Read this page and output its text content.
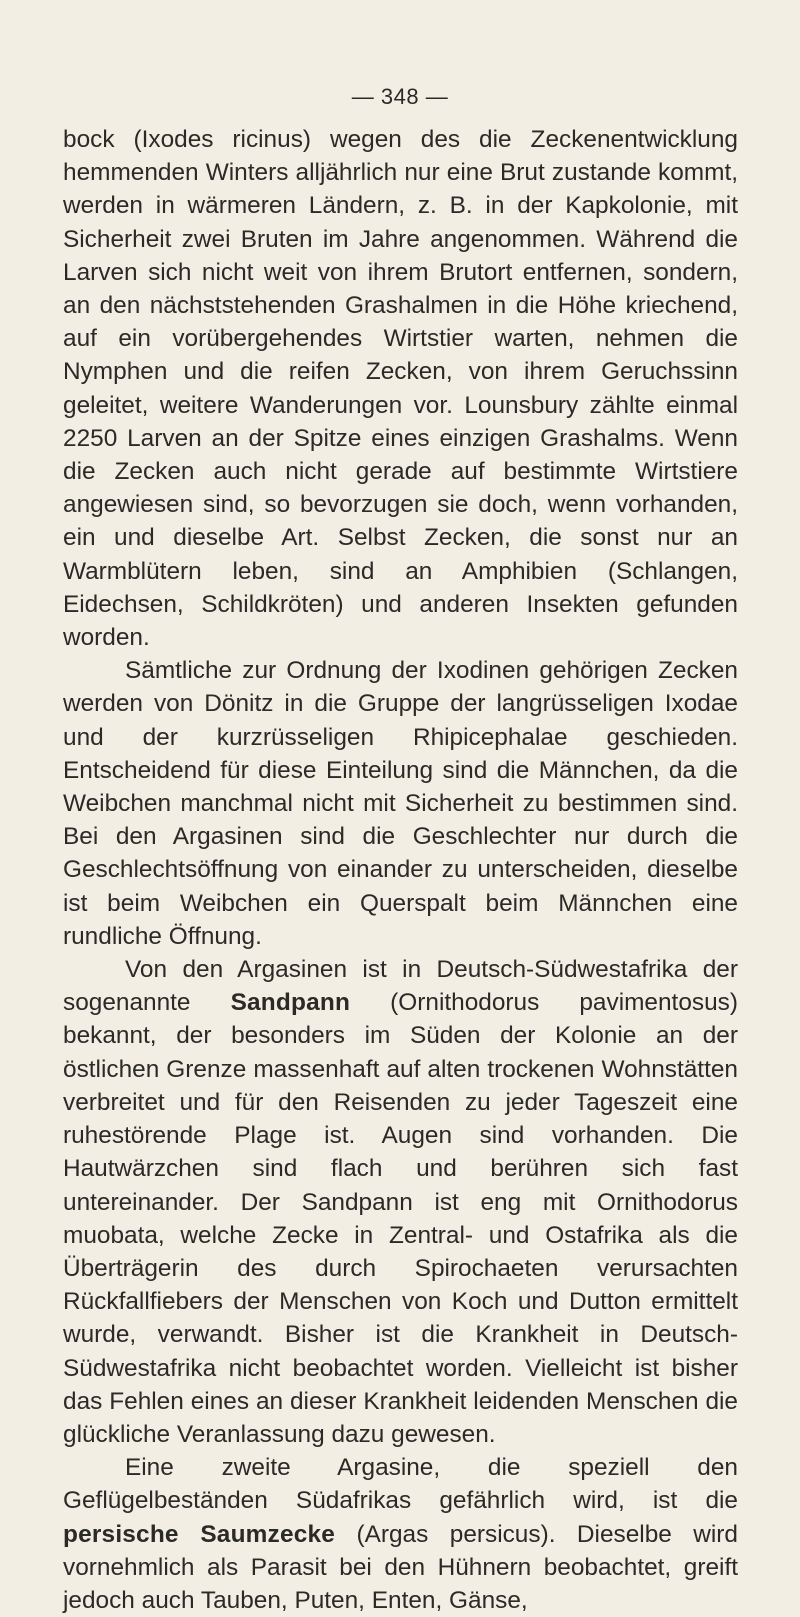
— 348 —

bock (Ixodes ricinus) wegen des die Zeckenentwicklung hemmenden Winters alljährlich nur eine Brut zustande kommt, werden in wärmeren Ländern, z. B. in der Kapkolonie, mit Sicherheit zwei Bruten im Jahre angenommen. Während die Larven sich nicht weit von ihrem Brutort entfernen, sondern, an den nächststehenden Grashalmen in die Höhe kriechend, auf ein vorübergehendes Wirtstier warten, nehmen die Nymphen und die reifen Zecken, von ihrem Geruchssinn geleitet, weitere Wanderungen vor. Lounsbury zählte einmal 2250 Larven an der Spitze eines einzigen Grashalms. Wenn die Zecken auch nicht gerade auf bestimmte Wirtstiere angewiesen sind, so bevorzugen sie doch, wenn vorhanden, ein und dieselbe Art. Selbst Zecken, die sonst nur an Warmblütern leben, sind an Amphibien (Schlangen, Eidechsen, Schildkröten) und anderen Insekten gefunden worden.

Sämtliche zur Ordnung der Ixodinen gehörigen Zecken werden von Dönitz in die Gruppe der langrüsseligen Ixodae und der kurzrüsseligen Rhipicephalae geschieden. Entscheidend für diese Einteilung sind die Männchen, da die Weibchen manchmal nicht mit Sicherheit zu bestimmen sind. Bei den Argasinen sind die Geschlechter nur durch die Geschlechtsöffnung von einander zu unterscheiden, dieselbe ist beim Weibchen ein Querspalt beim Männchen eine rundliche Öffnung.

Von den Argasinen ist in Deutsch-Südwestafrika der sogenannte Sandpann (Ornithodorus pavimentosus) bekannt, der besonders im Süden der Kolonie an der östlichen Grenze massenhaft auf alten trockenen Wohnstätten verbreitet und für den Reisenden zu jeder Tageszeit eine ruhestörende Plage ist. Augen sind vorhanden. Die Hautwärzchen sind flach und berühren sich fast untereinander. Der Sandpann ist eng mit Ornithodorus muobata, welche Zecke in Zentral- und Ostafrika als die Überträgerin des durch Spirochaeten verursachten Rückfallfiebers der Menschen von Koch und Dutton ermittelt wurde, verwandt. Bisher ist die Krankheit in Deutsch-Südwestafrika nicht beobachtet worden. Vielleicht ist bisher das Fehlen eines an dieser Krankheit leidenden Menschen die glückliche Veranlassung dazu gewesen.

Eine zweite Argasine, die speziell den Geflügelbeständen Südafrikas gefährlich wird, ist die persische Saumzecke (Argas persicus). Dieselbe wird vornehmlich als Parasit bei den Hühnern beobachtet, greift jedoch auch Tauben, Puten, Enten, Gänse,
